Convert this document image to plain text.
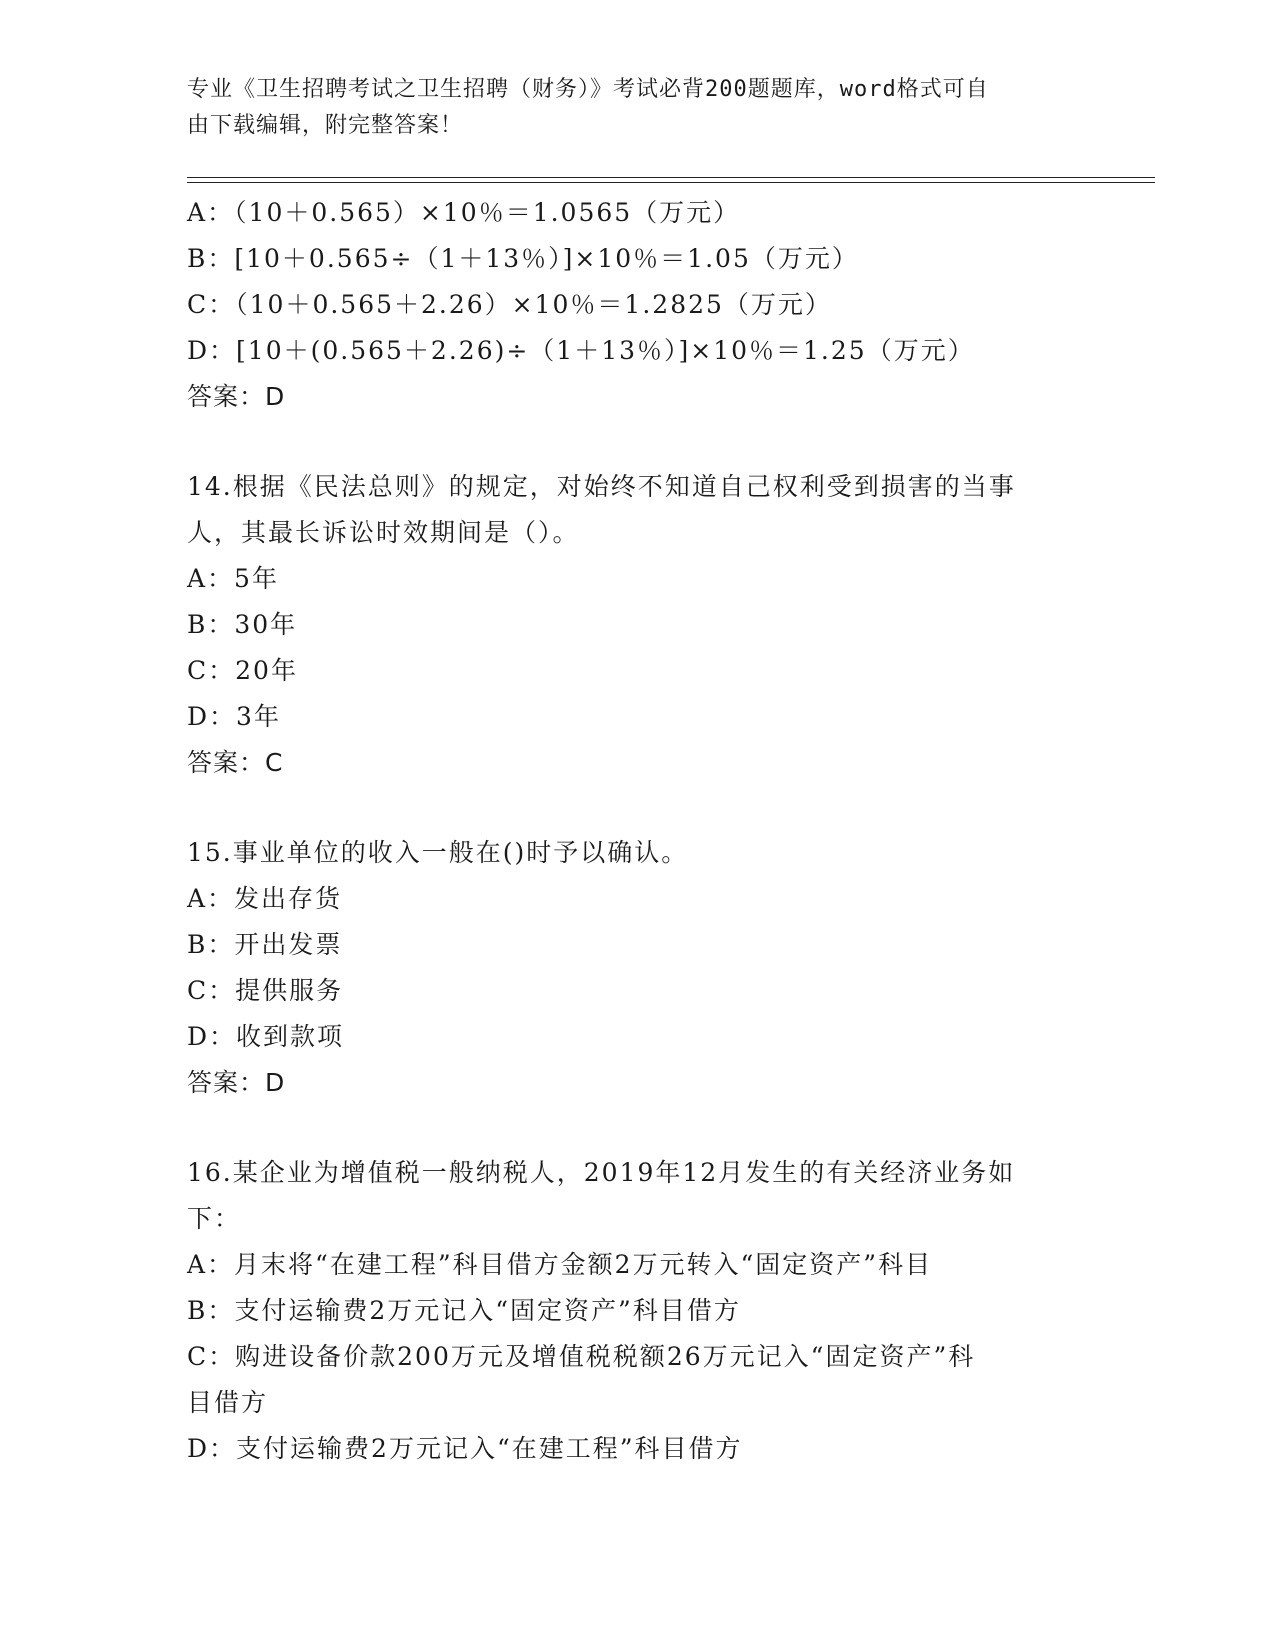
专业《卫生招聘考试之卫生招聘（财务）》考试必背200题题库，word格式可自
由下载编辑，附完整答案！
A：（10＋0.565）×10％＝1.0565（万元）
B：[10＋0.565÷（1＋13％）]×10％＝1.05（万元）
C：（10＋0.565＋2.26）×10％＝1.2825（万元）
D：[10＋(0.565＋2.26)÷（1＋13％）]×10％＝1.25（万元）
答案：D
14.根据《民法总则》的规定，对始终不知道自己权利受到损害的当事
人，其最长诉讼时效期间是（）。
A：5年
B：30年
C：20年
D：3年
答案：C
15.事业单位的收入一般在()时予以确认。
A：发出存货
B：开出发票
C：提供服务
D：收到款项
答案：D
16.某企业为增值税一般纳税人，2019年12月发生的有关经济业务如
下：
A：月末将“在建工程”科目借方金额2万元转入“固定资产”科目
B：支付运输费2万元记入“固定资产”科目借方
C：购进设备价款200万元及增值税税额26万元记入“固定资产”科
目借方
D：支付运输费2万元记入“在建工程”科目借方
